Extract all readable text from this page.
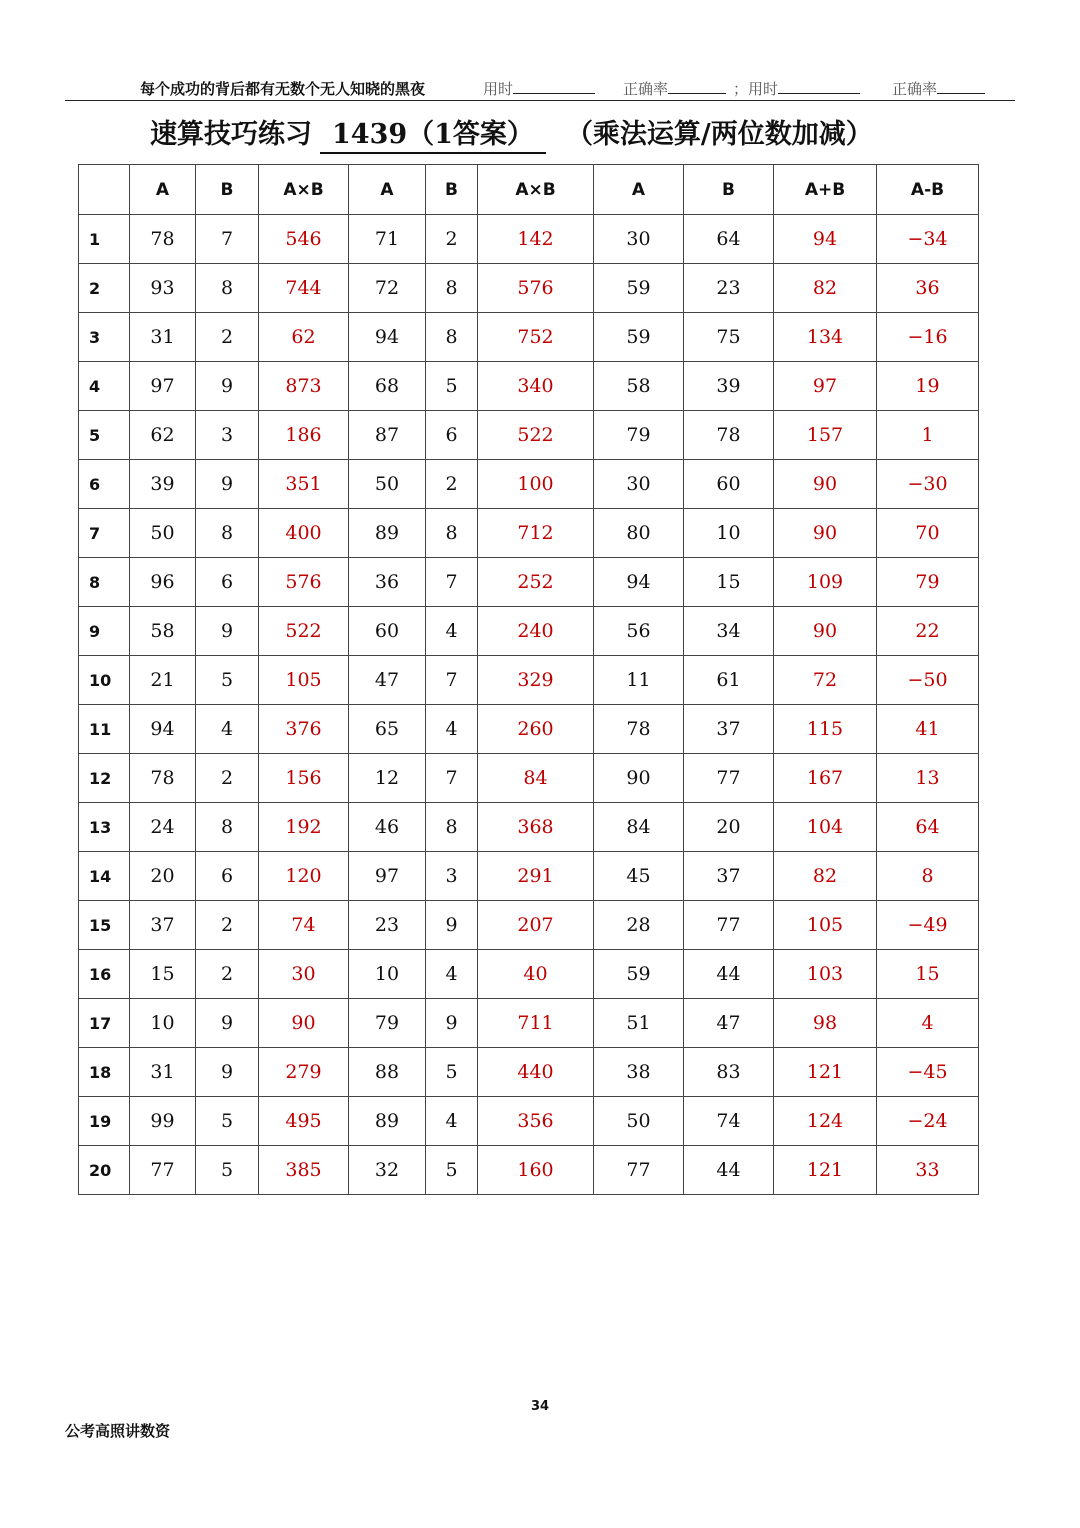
每个成功的背后都有无数个无人知晓的黑夜	用时	正确率	；用时	正确率
速算技巧练习 1439（1答案） （乘法运算/两位数加减）
	A	B	A×B	A	B	A×B	A	B	A+B	A-B
1	78	7	546	71	2	142	30	64	94	−34
2	93	8	744	72	8	576	59	23	82	36
3	31	2	62	94	8	752	59	75	134	−16
4	97	9	873	68	5	340	58	39	97	19
5	62	3	186	87	6	522	79	78	157	1
6	39	9	351	50	2	100	30	60	90	−30
7	50	8	400	89	8	712	80	10	90	70
8	96	6	576	36	7	252	94	15	109	79
9	58	9	522	60	4	240	56	34	90	22
10	21	5	105	47	7	329	11	61	72	−50
11	94	4	376	65	4	260	78	37	115	41
12	78	2	156	12	7	84	90	77	167	13
13	24	8	192	46	8	368	84	20	104	64
14	20	6	120	97	3	291	45	37	82	8
15	37	2	74	23	9	207	28	77	105	−49
16	15	2	30	10	4	40	59	44	103	15
17	10	9	90	79	9	711	51	47	98	4
18	31	9	279	88	5	440	38	83	121	−45
19	99	5	495	89	4	356	50	74	124	−24
20	77	5	385	32	5	160	77	44	121	33
34
公考高照讲数资
